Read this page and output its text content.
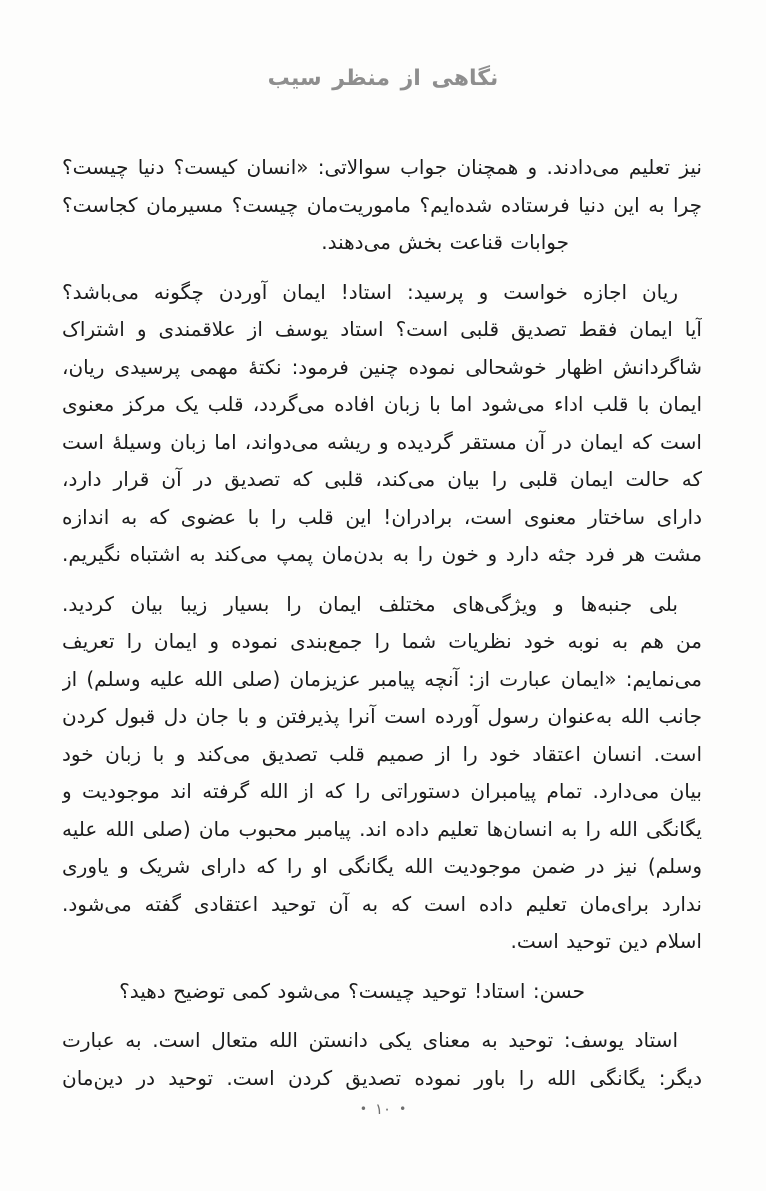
نگاهی از منظر سیب
نیز تعلیم می‌دادند. و همچنان جواب سوالاتی: «انسان کیست؟ دنیا چیست؟
چرا به این دنیا فرستاده شده‌ایم؟ ماموریت‌مان چیست؟ مسیرمان کجاست؟
جوابات قناعت بخش می‌دهند.
ریان اجازه خواست و پرسید: استاد! ایمان آوردن چگونه می‌باشد؟
آیا ایمان فقط تصدیق قلبی است؟ استاد یوسف از علاقمندی و اشتراک
شاگردانش اظهار خوشحالی نموده چنین فرمود: نکتهٔ مهمی پرسیدی ریان،
ایمان با قلب اداء می‌شود اما با زبان افاده می‌گردد، قلب یک مرکز معنوی
است که ایمان در آن مستقر گردیده و ریشه می‌دواند، اما زبان وسیلهٔ است
که حالت ایمان قلبی را بیان می‌کند، قلبی که تصدیق در آن قرار دارد،
دارای ساختار معنوی است، برادران! این قلب را با عضوی که به اندازه
مشت هر فرد جثه دارد و خون را به بدن‌مان پمپ می‌کند به اشتباه نگیریم.
بلی جنبه‌ها و ویژگی‌های مختلف ایمان را بسیار زیبا بیان کردید.
من هم به نوبه خود نظریات شما را جمع‌بندی نموده و ایمان را تعریف
می‌نمایم: «ایمان عبارت از: آنچه پیامبر عزیزمان (صلی الله علیه وسلم) از
جانب الله به‌عنوان رسول آورده است آنرا پذیرفتن و با جان دل قبول کردن
است. انسان اعتقاد خود را از صمیم قلب تصدیق می‌کند و با زبان خود
بیان می‌دارد. تمام پیامبران دستوراتی را که از الله گرفته اند موجودیت و
یگانگی الله را به انسان‌ها تعلیم داده اند. پیامبر محبوب مان (صلی الله علیه
وسلم) نیز در ضمن موجودیت الله یگانگی او را که دارای شریک و یاوری
ندارد برای‌مان تعلیم داده است که به آن توحید اعتقادی گفته می‌شود.
اسلام دین توحید است.
حسن: استاد! توحید چیست؟ می‌شود کمی توضیح دهید؟
استاد یوسف: توحید به معنای یکی دانستن الله متعال است. به عبارت
دیگر: یگانگی الله را باور نموده تصدیق کردن است. توحید در دین‌مان
•۱۰•
